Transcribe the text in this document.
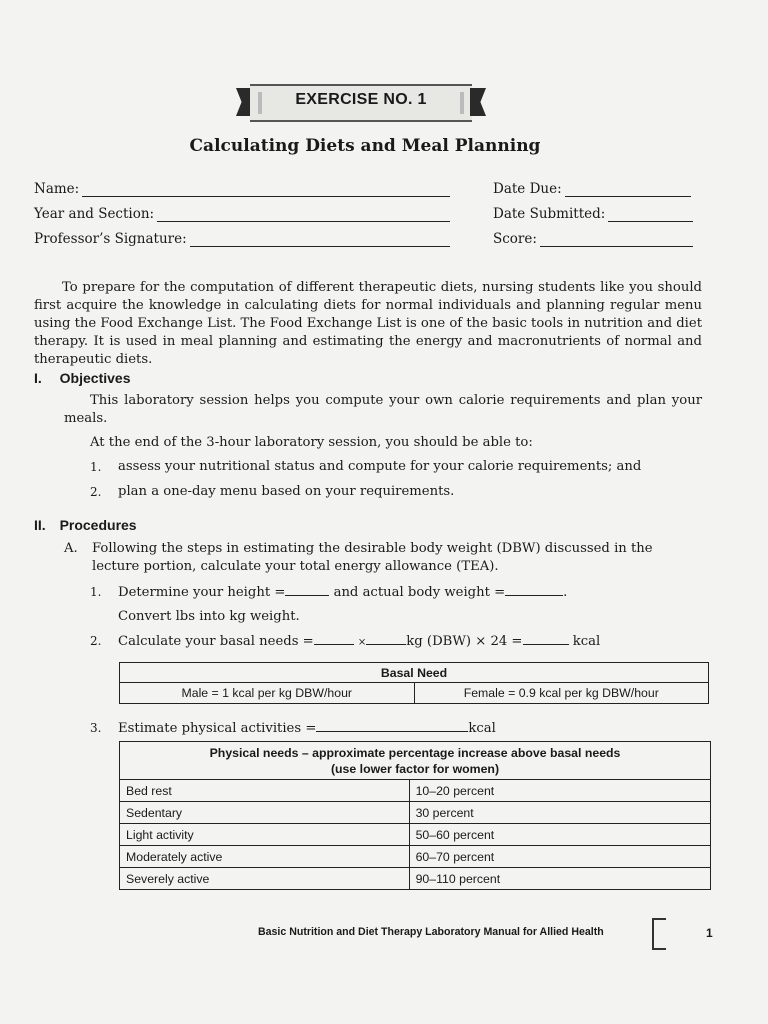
EXERCISE NO. 1
Calculating Diets and Meal Planning
Name:
Year and Section:
Professor’s Signature:
Date Due:
Date Submitted:
Score:

To prepare for the computation of different therapeutic diets, nursing students like you should first acquire the knowledge in calculating diets for normal individuals and planning regular menu using the Food Exchange List. The Food Exchange List is one of the basic tools in nutrition and diet therapy. It is used in meal planning and estimating the energy and macronutrients of normal and therapeutic diets.

I. Objectives
This laboratory session helps you compute your own calorie requirements and plan your meals.
At the end of the 3-hour laboratory session, you should be able to:
1. assess your nutritional status and compute for your calorie requirements; and
2. plan a one-day menu based on your requirements.
II. Procedures
A. Following the steps in estimating the desirable body weight (DBW) discussed in the lecture portion, calculate your total energy allowance (TEA).
1. Determine your height =	and actual body weight =	.
Convert lbs into kg weight.
2. Calculate your basal needs =	×	kg (DBW) × 24 =	kcal
Basal Need
Male = 1 kcal per kg DBW/hour	Female = 0.9 kcal per kg DBW/hour
3. Estimate physical activities =	kcal
Physical needs – approximate percentage increase above basal needs
(use lower factor for women)	

Bed rest	10–20 percent
Sedentary	30 percent
Light activity	50–60 percent
Moderately active	60–70 percent
Severely active	90–110 percent
Basic Nutrition and Diet Therapy Laboratory Manual for Allied Health	1
